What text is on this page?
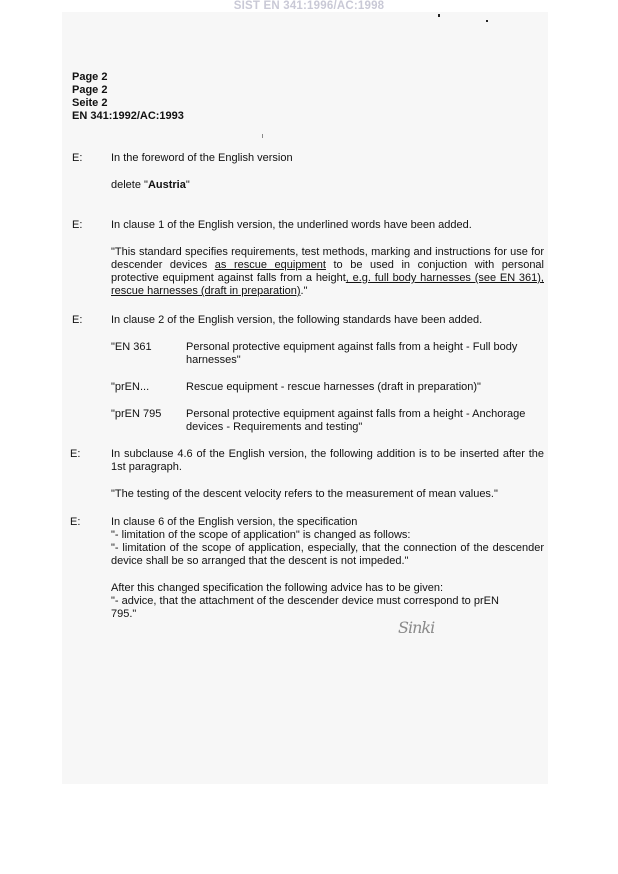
SIST EN 341:1996/AC:1998
Page 2
Page 2
Seite 2
EN 341:1992/AC:1993
E:	In the foreword of the English version

delete "Austria"

E:	In clause 1 of the English version, the underlined words have been added.

"This standard specifies requirements, test methods, marking and instructions for use for descender devices as rescue equipment to be used in conjuction with personal protective equipment against falls from a height, e.g. full body harnesses (see EN 361), rescue harnesses (draft in preparation)."

E:	In clause 2 of the English version, the following standards have been added.

"EN 361	Personal protective equipment against falls from a height - Full body harnesses"
"prEN...	Rescue equipment - rescue harnesses (draft in preparation)"
"prEN 795	Personal protective equipment against falls from a height - Anchorage devices - Requirements and testing"
E:	In subclause 4.6 of the English version, the following addition is to be inserted after the 1st paragraph.

"The testing of the descent velocity refers to the measurement of mean values."

E:	In clause 6 of the English version, the specification

"- limitation of the scope of application" is changed as follows:

"- limitation of the scope of application, especially, that the connection of the descender device shall be so arranged that the descent is not impeded."

After this changed specification the following advice has to be given:

"- advice, that the attachment of the descender device must correspond to prEN 795."

Sinki
